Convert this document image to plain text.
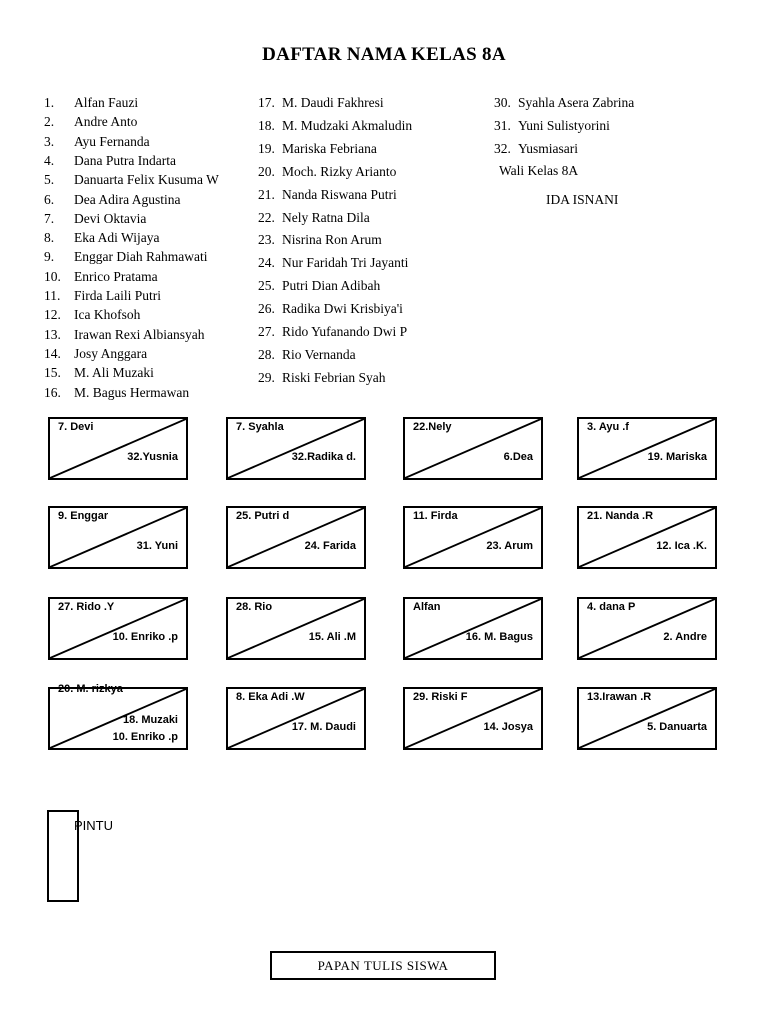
DAFTAR NAMA KELAS 8A
1. Alfan Fauzi
2. Andre Anto
3. Ayu Fernanda
4. Dana Putra Indarta
5. Danuarta Felix Kusuma W
6. Dea Adira Agustina
7. Devi Oktavia
8. Eka Adi Wijaya
9. Enggar Diah Rahmawati
10. Enrico Pratama
11. Firda Laili Putri
12. Ica Khofsoh
13. Irawan Rexi Albiansyah
14. Josy Anggara
15. M. Ali Muzaki
16. M. Bagus Hermawan
17. M. Daudi Fakhresi
18. M. Mudzaki Akmaludin
19. Mariska Febriana
20. Moch. Rizky Arianto
21. Nanda Riswana Putri
22. Nely Ratna Dila
23. Nisrina Ron Arum
24. Nur Faridah Tri Jayanti
25. Putri Dian Adibah
26. Radika Dwi Krisbiya'i
27. Rido Yufanando Dwi P
28. Rio Vernanda
29. Riski Febrian Syah
30. Syahla Asera Zabrina
31. Yuni Sulistyorini
32. Yusmiasari
Wali Kelas 8A
IDA ISNANI
7. Devi
32.Yusnia
7. Syahla
32.Radika d.
22.Nely
6.Dea
3. Ayu .f
19. Mariska
9. Enggar
31. Yuni
25. Putri d
24. Farida
11. Firda
23. Arum
21. Nanda .R
12. Ica .K.
27. Rido .Y
10. Enriko .p
28. Rio
15. Ali .M
Alfan
16. M. Bagus
4. dana P
2. Andre
20. M. rizkya
18. Muzaki
10. Enriko .p
8. Eka Adi .W
17. M. Daudi
29. Riski F
14. Josya
13.Irawan .R
5. Danuarta
PINTU
PAPAN TULIS SISWA
